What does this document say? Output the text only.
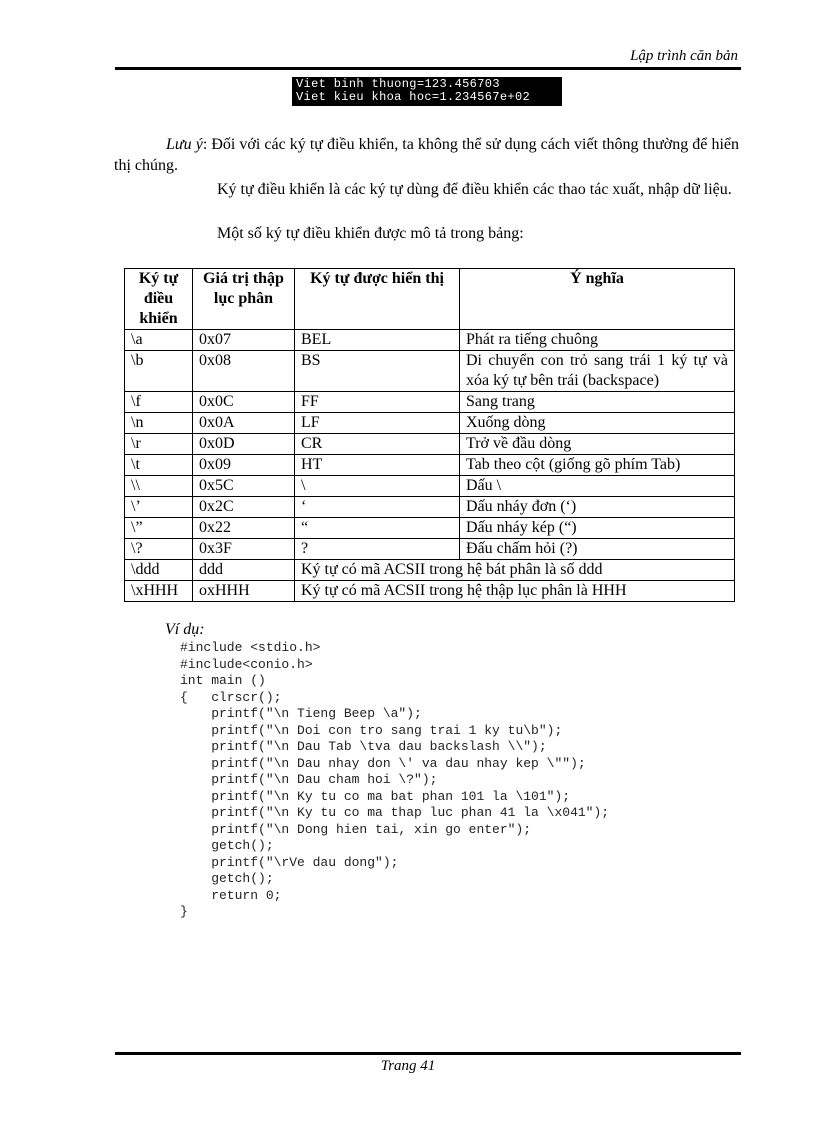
Lập trình căn bản
Viet binh thuong=123.456703
Viet kieu khoa hoc=1.234567e+02
Lưu ý: Đối với các ký tự điều khiển, ta không thể sử dụng cách viết thông thường để hiển thị chúng.
Ký tự điều khiển là các ký tự dùng để điều khiển các thao tác xuất, nhập dữ liệu.
Một số ký tự điều khiển được mô tả trong bảng:
Ký tự điều khiển	Giá trị thập lục phân	Ký tự được hiển thị	Ý nghĩa
\a	0x07	BEL	Phát ra tiếng chuông
\b	0x08	BS	Di chuyển con trỏ sang trái 1 ký tự và xóa ký tự bên trái (backspace)
\f	0x0C	FF	Sang trang
\n	0x0A	LF	Xuống dòng
\r	0x0D	CR	Trở về đầu dòng
\t	0x09	HT	Tab theo cột (giống gõ phím Tab)
\\	0x5C	\	Dấu \
\’	0x2C	‘	Dấu nháy đơn (‘)
\”	0x22	“	Dấu nháy kép (“)
\?	0x3F	?	Đấu chấm hỏi (?)
\ddd	ddd	Ký tự có mã ACSII trong hệ bát phân là số ddd	
\xHHH	oxHHH	Ký tự có mã ACSII trong hệ thập lục phân là HHH	
Ví dụ:
#include <stdio.h>
#include<conio.h>
int main ()
{   clrscr();
printf("\n Tieng Beep \a");
printf("\n Doi con tro sang trai 1 ky tu\b");
printf("\n Dau Tab \tva dau backslash \\");
printf("\n Dau nhay don \' va dau nhay kep \"");
printf("\n Dau cham hoi \?");
printf("\n Ky tu co ma bat phan 101 la \101");
printf("\n Ky tu co ma thap luc phan 41 la \x041");
printf("\n Dong hien tai, xin go enter");
getch();
printf("\rVe dau dong");
getch();
return 0;
}
Trang 41
